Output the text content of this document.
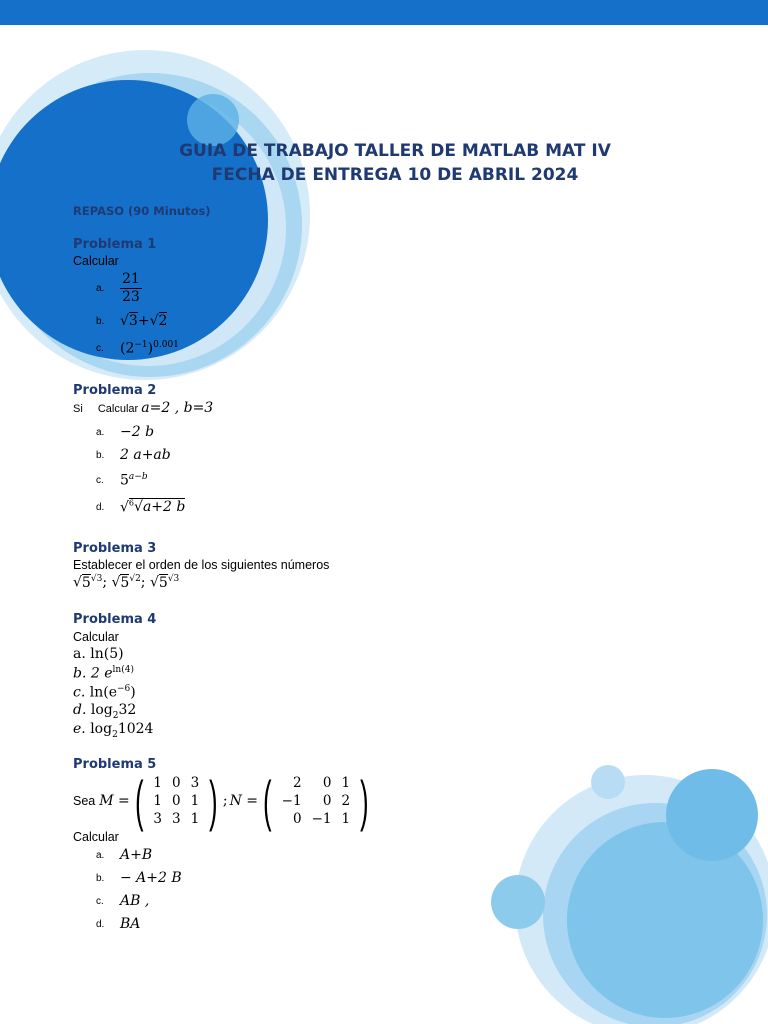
GUIA DE TRABAJO TALLER DE MATLAB MAT IV
FECHA DE ENTREGA 10 DE ABRIL 2024
REPASO (90 Minutos)
Problema 1
Calcular
a.	$\frac{21}{23}$
b.	√3+√2
c.	$(2^{-1})^{0.001}$
Problema 2
Si Calcular a=2 , b=3
a.	−2 b
b.	2 a+ab
c.	$5^{a-b}$
d.	√$^6$√a+2 b
Problema 3
Establecer el orden de los siguientes números
$√5^{√3}$; $√5^{√2}$; $√5^{√3}$
Problema 4
Calcular
a. ln(5)
b. 2 $e^{ln(4)}$
c. $\ln(e^{-6})$
d. $\log_232$
e. $\log_21024$
Problema 5
Sea M = ( 1	0	3
1	0	1
3	3	1 ) ; N = ( 2	0	1
−1	0	2
0	−1	1 )
Calcular
a.	A+B
b.	− A+2 B
c.	AB ,
d.	BA
